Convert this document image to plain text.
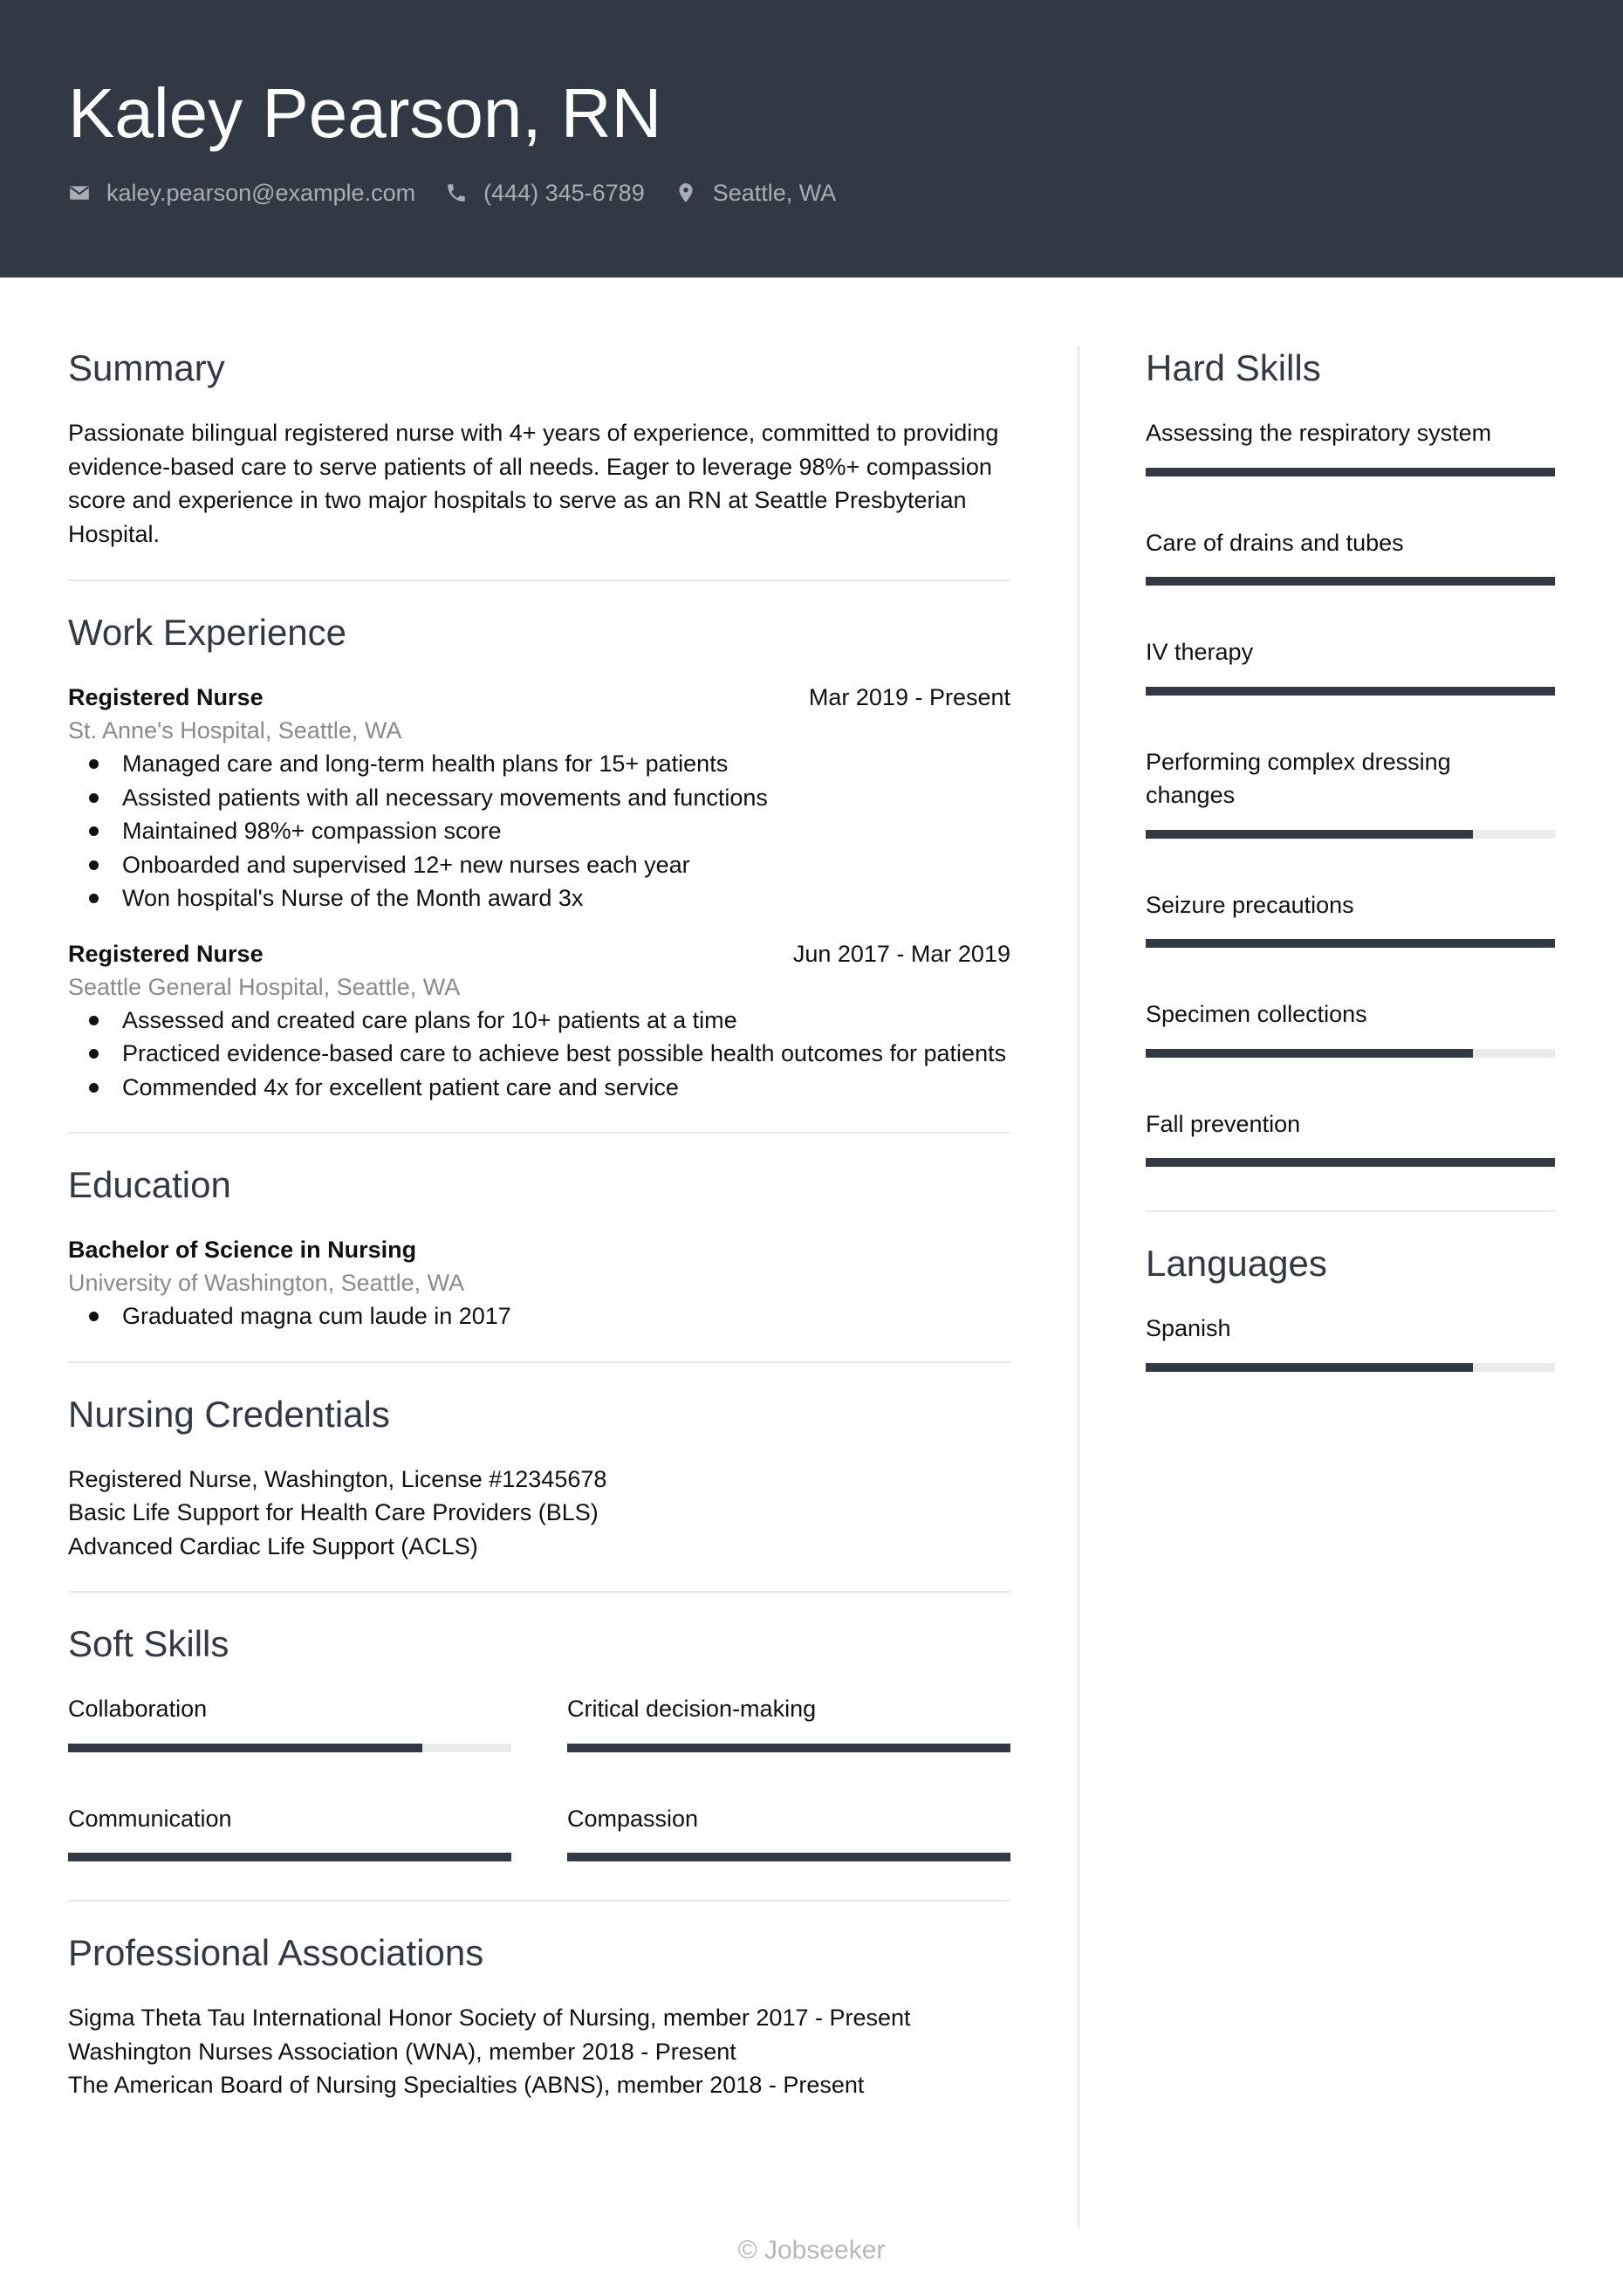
Kaley Pearson, RN
kaley.pearson@example.com	(444) 345-6789	Seattle, WA
Summary

Passionate bilingual registered nurse with 4+ years of experience, committed to providing evidence-based care to serve patients of all needs. Eager to leverage 98%+ compassion score and experience in two major hospitals to serve as an RN at Seattle Presbyterian Hospital.

Work Experience
Registered Nurse	Mar 2019 - Present
St. Anne's Hospital, Seattle, WA
Managed care and long-term health plans for 15+ patients
Assisted patients with all necessary movements and functions
Maintained 98%+ compassion score
Onboarded and supervised 12+ new nurses each year
Won hospital's Nurse of the Month award 3x
Registered Nurse	Jun 2017 - Mar 2019
Seattle General Hospital, Seattle, WA
Assessed and created care plans for 10+ patients at a time
Practiced evidence-based care to achieve best possible health outcomes for patients
Commended 4x for excellent patient care and service
Education
Bachelor of Science in Nursing
University of Washington, Seattle, WA
Graduated magna cum laude in 2017
Nursing Credentials
Registered Nurse, Washington, License #12345678
Basic Life Support for Health Care Providers (BLS)
Advanced Cardiac Life Support (ACLS)
Soft Skills
Collaboration	Critical decision-making
Communication	Compassion
Professional Associations
Sigma Theta Tau International Honor Society of Nursing, member 2017 - Present
Washington Nurses Association (WNA), member 2018 - Present
The American Board of Nursing Specialties (ABNS), member 2018 - Present
Hard Skills
Assessing the respiratory system
Care of drains and tubes
IV therapy
Performing complex dressing changes
Seizure precautions
Specimen collections
Fall prevention
Languages
Spanish
© Jobseeker
